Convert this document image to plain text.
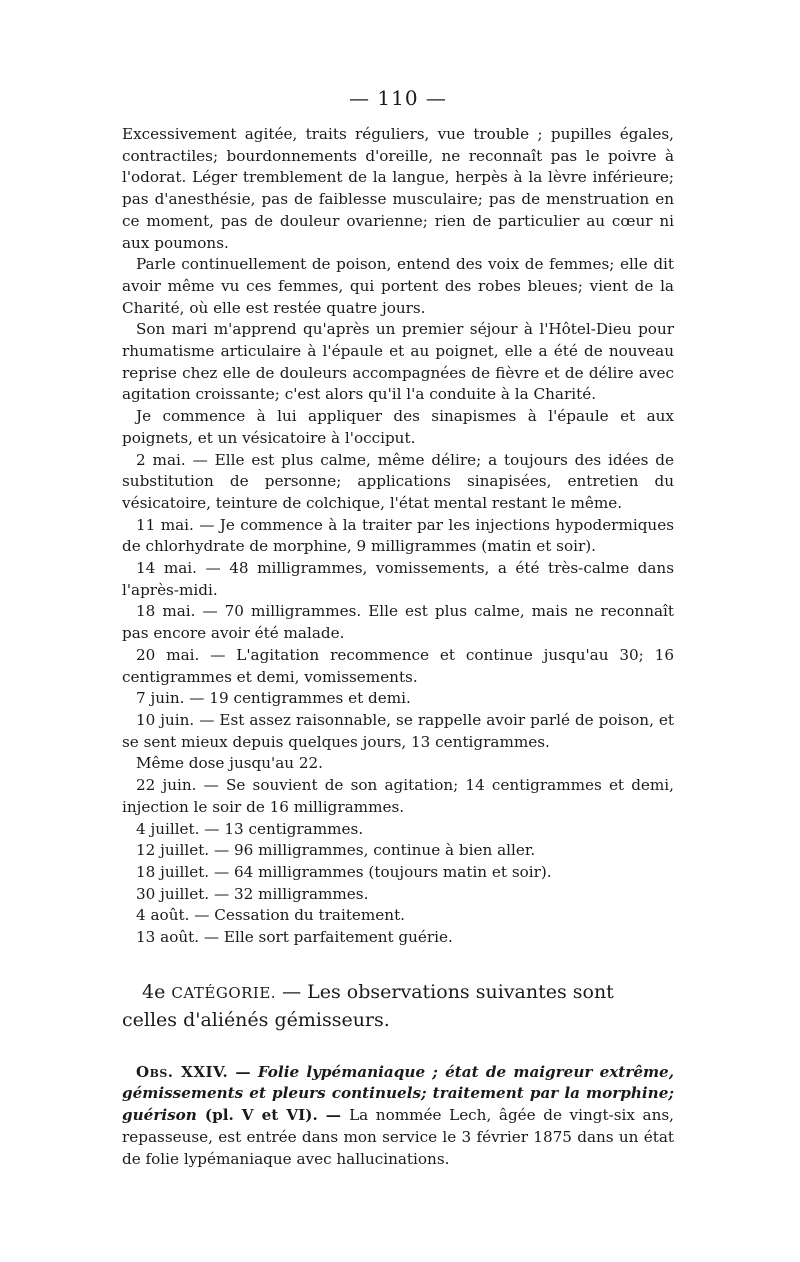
— 110 —

Excessivement agitée, traits réguliers, vue trouble ; pupilles égales, contractiles; bourdonnements d'oreille, ne reconnaît pas le poivre à l'odorat. Léger tremblement de la langue, herpès à la lèvre inférieure; pas d'anesthésie, pas de faiblesse musculaire; pas de menstruation en ce moment, pas de douleur ovarienne; rien de particulier au cœur ni aux poumons.

Parle continuellement de poison, entend des voix de femmes; elle dit avoir même vu ces femmes, qui portent des robes bleues; vient de la Charité, où elle est restée quatre jours.

Son mari m'apprend qu'après un premier séjour à l'Hôtel-Dieu pour rhumatisme articulaire à l'épaule et au poignet, elle a été de nouveau reprise chez elle de douleurs accompagnées de fièvre et de délire avec agitation croissante; c'est alors qu'il l'a conduite à la Charité.

Je commence à lui appliquer des sinapismes à l'épaule et aux poignets, et un vésicatoire à l'occiput.

2 mai. — Elle est plus calme, même délire; a toujours des idées de substitution de personne; applications sinapisées, entretien du vésicatoire, teinture de colchique, l'état mental restant le même.

11 mai. — Je commence à la traiter par les injections hypodermiques de chlorhydrate de morphine, 9 milligrammes (matin et soir).

14 mai. — 48 milligrammes, vomissements, a été très-calme dans l'après-midi.

18 mai. — 70 milligrammes. Elle est plus calme, mais ne reconnaît pas encore avoir été malade.

20 mai. — L'agitation recommence et continue jusqu'au 30; 16 centigrammes et demi, vomissements.

7 juin. — 19 centigrammes et demi.

10 juin. — Est assez raisonnable, se rappelle avoir parlé de poison, et se sent mieux depuis quelques jours, 13 centigrammes.

Même dose jusqu'au 22.

22 juin. — Se souvient de son agitation; 14 centigrammes et demi, injection le soir de 16 milligrammes.

4 juillet. — 13 centigrammes.

12 juillet. — 96 milligrammes, continue à bien aller.

18 juillet. — 64 milligrammes (toujours matin et soir).

30 juillet. — 32 milligrammes.

4 août. — Cessation du traitement.

13 août. — Elle sort parfaitement guérie.

4e CATÉGORIE. — Les observations suivantes sont celles d'aliénés gémisseurs.

Obs. XXIV. — Folie lypémaniaque ; état de maigreur extrême, gémissements et pleurs continuels; traitement par la morphine; guérison (pl. V et VI). — La nommée Lech, âgée de vingt-six ans, repasseuse, est entrée dans mon service le 3 février 1875 dans un état de folie lypémaniaque avec hallucinations.
